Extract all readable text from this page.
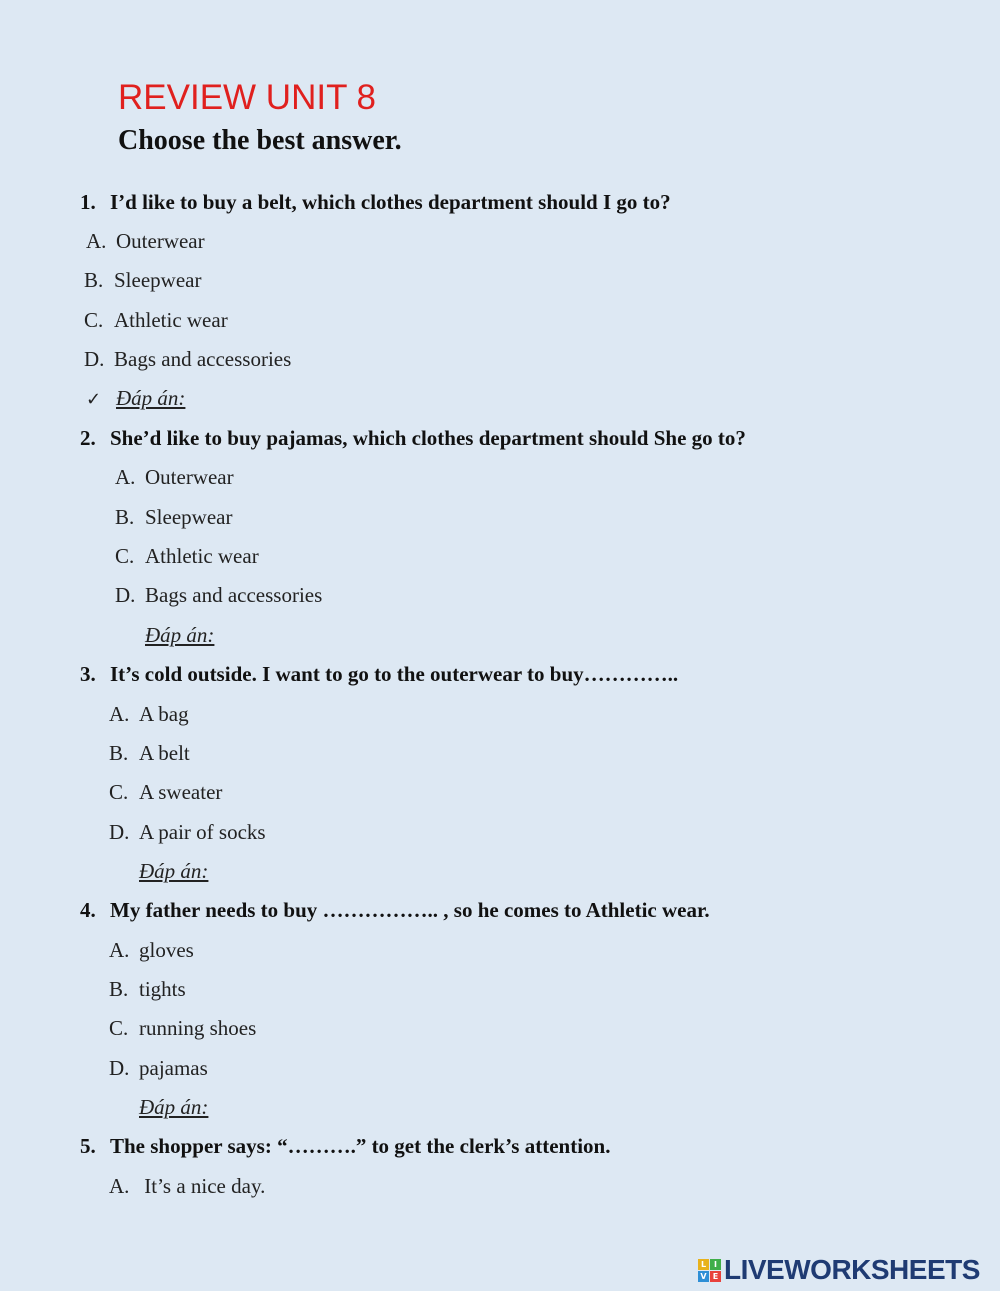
REVIEW UNIT 8
Choose the best answer.
1. I’d like to buy a belt, which clothes department should I go to?
A. Outerwear
B. Sleepwear
C. Athletic wear
D. Bags and accessories
✓ Đáp án:
2. She’d like to buy pajamas, which clothes department should She go to?
A. Outerwear
B. Sleepwear
C. Athletic wear
D. Bags and accessories
Đáp án:
3. It’s cold outside. I want to go to the outerwear to buy…………..
A. A bag
B. A belt
C. A sweater
D. A pair of socks
Đáp án:
4. My father needs to buy …………….. , so he comes to Athletic wear.
A. gloves
B. tights
C. running shoes
D. pajamas
Đáp án:
5. The shopper says: “……….” to get the clerk’s attention.
A. It’s a nice day.
L I
V E LIVEWORKSHEETS
